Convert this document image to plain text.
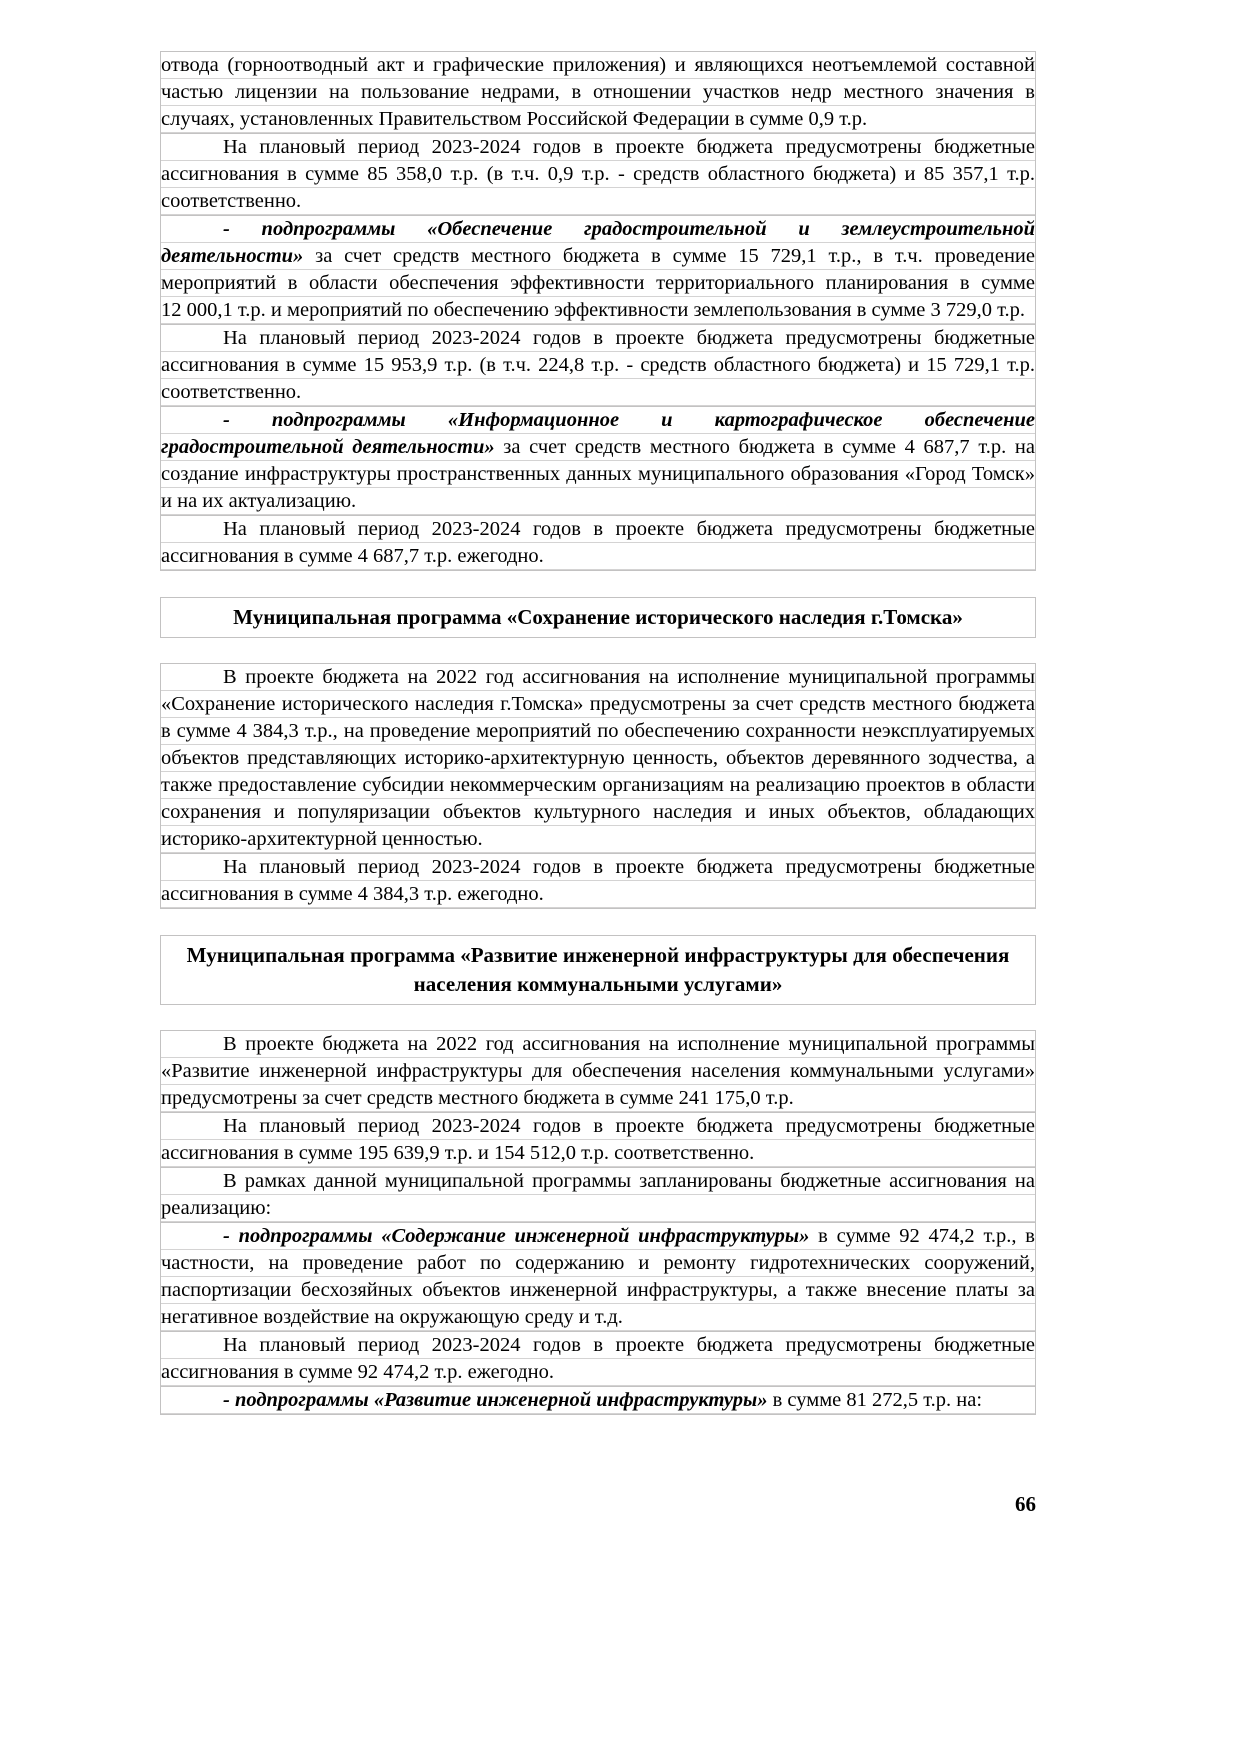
отвода (горноотводный акт и графические приложения) и являющихся неотъемлемой составной частью лицензии на пользование недрами, в отношении участков недр местного значения в случаях, установленных Правительством Российской Федерации в сумме 0,9 т.р.

На плановый период 2023-2024 годов в проекте бюджета предусмотрены бюджетные ассигнования в сумме 85 358,0 т.р. (в т.ч. 0,9 т.р. - средств областного бюджета) и 85 357,1 т.р. соответственно.

- подпрограммы «Обеспечение градостроительной и землеустроительной деятельности» за счет средств местного бюджета в сумме 15 729,1 т.р., в т.ч. проведение мероприятий в области обеспечения эффективности территориального планирования в сумме 12 000,1 т.р. и мероприятий по обеспечению эффективности землепользования в сумме 3 729,0 т.р.

На плановый период 2023-2024 годов в проекте бюджета предусмотрены бюджетные ассигнования в сумме 15 953,9 т.р. (в т.ч. 224,8 т.р. - средств областного бюджета) и 15 729,1 т.р. соответственно.

- подпрограммы «Информационное и картографическое обеспечение градостроительной деятельности» за счет средств местного бюджета в сумме 4 687,7 т.р. на создание инфраструктуры пространственных данных муниципального образования «Город Томск» и на их актуализацию.

На плановый период 2023-2024 годов в проекте бюджета предусмотрены бюджетные ассигнования в сумме 4 687,7 т.р. ежегодно.

Муниципальная программа «Сохранение исторического наследия г.Томска»

В проекте бюджета на 2022 год ассигнования на исполнение муниципальной программы «Сохранение исторического наследия г.Томска» предусмотрены за счет средств местного бюджета в сумме 4 384,3 т.р., на проведение мероприятий по обеспечению сохранности неэксплуатируемых объектов представляющих историко-архитектурную ценность, объектов деревянного зодчества, а также предоставление субсидии некоммерческим организациям на реализацию проектов в области сохранения и популяризации объектов культурного наследия и иных объектов, обладающих историко-архитектурной ценностью.

На плановый период 2023-2024 годов в проекте бюджета предусмотрены бюджетные ассигнования в сумме 4 384,3 т.р. ежегодно.

Муниципальная программа «Развитие инженерной инфраструктуры для обеспечения населения коммунальными услугами»

В проекте бюджета на 2022 год ассигнования на исполнение муниципальной программы «Развитие инженерной инфраструктуры для обеспечения населения коммунальными услугами» предусмотрены за счет средств местного бюджета в сумме 241 175,0 т.р.

На плановый период 2023-2024 годов в проекте бюджета предусмотрены бюджетные ассигнования в сумме 195 639,9 т.р. и 154 512,0 т.р. соответственно.

В рамках данной муниципальной программы запланированы бюджетные ассигнования на реализацию:

- подпрограммы «Содержание инженерной инфраструктуры» в сумме 92 474,2 т.р., в частности, на проведение работ по содержанию и ремонту гидротехнических сооружений, паспортизации бесхозяйных объектов инженерной инфраструктуры, а также внесение платы за негативное воздействие на окружающую среду и т.д.

На плановый период 2023-2024 годов в проекте бюджета предусмотрены бюджетные ассигнования в сумме 92 474,2 т.р. ежегодно.

- подпрограммы «Развитие инженерной инфраструктуры» в сумме 81 272,5 т.р. на:

66
